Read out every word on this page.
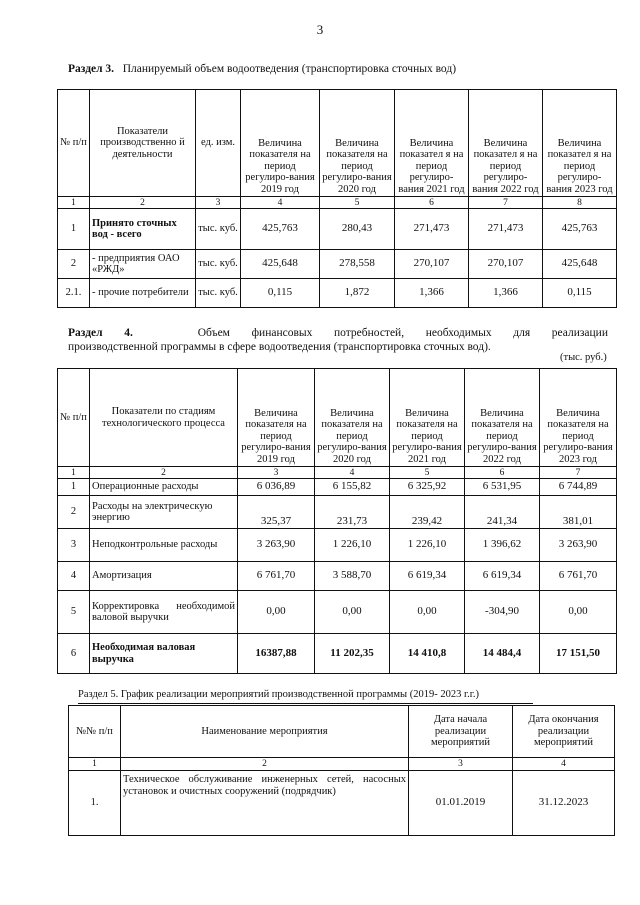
3
Раздел 3. Планируемый объем водоотведения (транспортировка сточных вод)
№ п/п	Показатели производственно й деятельности	ед. изм.	Величина показателя на период регулиро-вания 2019 год	Величина показателя на период регулиро-вания 2020 год	Величина показател я на период регулиро-вания 2021 год	Величина показател я на период регулиро-вания 2022 год	Величина показател я на период регулиро-вания 2023 год
1	2	3	4	5	6	7	8
1	Принято сточных вод - всего	тыс. куб.	425,763	280,43	271,473	271,473	425,763
2	- предприятия ОАО «РЖД»	тыс. куб.	425,648	278,558	270,107	270,107	425,648
2.1.	- прочие потребители	тыс. куб.	0,115	1,872	1,366	1,366	0,115
Раздел 4.	Объем финансовых потребностей, необходимых для реализации
производственной программы в сфере водоотведения (транспортировка сточных вод).
(тыс. руб.)
№ п/п	Показатели по стадиям технологического процесса	Величина показателя на период регулиро-вания 2019 год	Величина показателя на период регулиро-вания 2020 год	Величина показателя на период регулиро-вания 2021 год	Величина показателя на период регулиро-вания 2022 год	Величина показателя на период регулиро-вания 2023 год
1	2	3	4	5	6	7
1	Операционные расходы	6 036,89	6 155,82	6 325,92	6 531,95	6 744,89
2	Расходы на электрическую энергию	325,37	231,73	239,42	241,34	381,01
3	Неподконтрольные расходы	3 263,90	1 226,10	1 226,10	1 396,62	3 263,90
4	Амортизация	6 761,70	3 588,70	6 619,34	6 619,34	6 761,70
5	Корректировка необходимой валовой выручки	0,00	0,00	0,00	-304,90	0,00
6	Необходимая валовая выручка	16387,88	11 202,35	14 410,8	14 484,4	17 151,50
Раздел 5. График реализации мероприятий производственной программы (2019- 2023 г.г.)
№№ п/п	Наименование мероприятия	Дата начала реализации мероприятий	Дата окончания реализации мероприятий
1	2	3	4
1.	Техническое обслуживание инженерных сетей, насосных установок и очистных сооружений (подрядчик)	01.01.2019	31.12.2023
